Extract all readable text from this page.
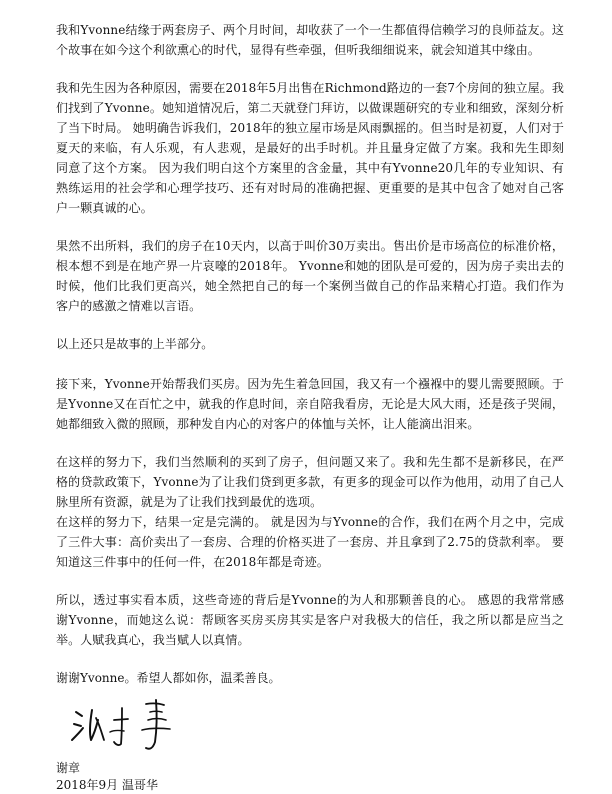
我和Yvonne结缘于两套房子、两个月时间，却收获了一个一生都值得信赖学习的良师益友。这个故事在如今这个利欲熏心的时代，显得有些牵强，但听我细细说来，就会知道其中缘由。

我和先生因为各种原因，需要在2018年5月出售在Richmond路边的一套7个房间的独立屋。我们找到了Yvonne。她知道情况后，第二天就登门拜访，以做课题研究的专业和细致，深刻分析了当下时局。 她明确告诉我们，2018年的独立屋市场是风雨飘摇的。但当时是初夏，人们对于夏天的来临，有人乐观，有人悲观，是最好的出手时机。并且量身定做了方案。我和先生即刻同意了这个方案。 因为我们明白这个方案里的含金量，其中有Yvonne20几年的专业知识、有熟练运用的社会学和心理学技巧、还有对时局的准确把握、更重要的是其中包含了她对自己客户一颗真诚的心。

果然不出所料，我们的房子在10天内，以高于叫价30万卖出。售出价是市场高位的标准价格，根本想不到是在地产界一片哀嚎的2018年。 Yvonne和她的团队是可爱的，因为房子卖出去的时候，他们比我们更高兴，她全然把自己的每一个案例当做自己的作品来精心打造。我们作为客户的感激之情难以言语。

以上还只是故事的上半部分。

接下来，Yvonne开始帮我们买房。因为先生着急回国，我又有一个襁褓中的婴儿需要照顾。于是Yvonne又在百忙之中，就我的作息时间，亲自陪我看房，无论是大风大雨，还是孩子哭闹，她都细致入微的照顾，那种发自内心的对客户的体恤与关怀，让人能滴出泪来。

在这样的努力下，我们当然顺利的买到了房子，但问题又来了。我和先生都不是新移民，在严格的贷款政策下，Yvonne为了让我们贷到更多款，有更多的现金可以作为他用，动用了自己人脉里所有资源，就是为了让我们找到最优的选项。

在这样的努力下，结果一定是完满的。 就是因为与Yvonne的合作，我们在两个月之中，完成了三件大事：高价卖出了一套房、合理的价格买进了一套房、并且拿到了2.75的贷款利率。 要知道这三件事中的任何一件，在2018年都是奇迹。

所以，透过事实看本质，这些奇迹的背后是Yvonne的为人和那颗善良的心。 感恩的我常常感谢Yvonne，而她这么说：帮顾客买房买房其实是客户对我极大的信任，我之所以都是应当之举。人赋我真心，我当赋人以真情。

谢谢Yvonne。希望人都如你，温柔善良。

谢章

2018年9月 温哥华
